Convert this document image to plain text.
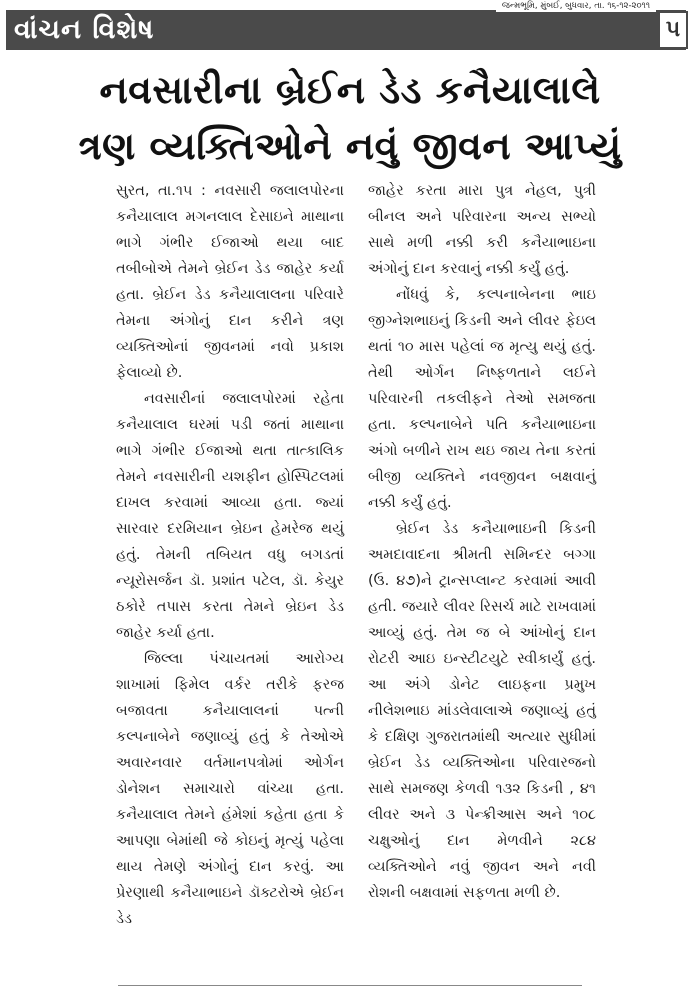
વાંચન વિશેષ
જન્મભૂમિ, મુંબઈ, બુધવાર, તા. ૧૬-૧૨-૨૦૧૧
૫
નવસારીના બ્રેઈન ડેડ કનૈયાલાલે
ત્રણ વ્યક્તિઓને નવું જીવન આપ્યું

સુરત, તા.૧૫ : નવસારી જલાલપોરના કનૈયાલાલ મગનલાલ દેસાઇને માથાના ભાગે ગંભીર ઈજાઓ થયા બાદ તબીબોએ તેમને બ્રેઈન ડેડ જાહેર કર્યા હતા. બ્રેઈન ડેડ કનૈયાલાલના પરિવારે તેમના અંગોનું દાન કરીને ત્રણ વ્યક્તિઓનાં જીવનમાં નવો પ્રકાશ ફેલાવ્યો છે.

નવસારીનાં જલાલપોરમાં રહેતા કનૈયાલાલ ઘરમાં પડી જતાં માથાના ભાગે ગંભીર ઈજાઓ થતા તાત્કાલિક તેમને નવસારીની યશફીન હોસ્પિટલમાં દાખલ કરવામાં આવ્યા હતા. જ્યાં સારવાર દરમિયાન બ્રેઇન હેમરેજ થયું હતું. તેમની તબિયત વધુ બગડતાં ન્યૂરોસર્જન ડૉ. પ્રશાંત પટેલ, ડૉ. કેયુર ઠકોરે તપાસ કરતા તેમને બ્રેઇન ડેડ જાહેર કર્યા હતા.

જિલ્લા પંચાયતમાં આરોગ્ય શાખામાં ફિમેલ વર્કર તરીકે ફરજ બજાવતા કનૈયાલાલનાં પત્ની કલ્પનાબેને જણાવ્યું હતું કે તેઓએ અવારનવાર વર્તમાનપત્રોમાં ઓર્ગન ડોનેશન સમાચારો વાંચ્યા હતા. કનૈયાલાલ તેમને હંમેશાં કહેતા હતા કે આપણા બેમાંથી જે કોઇનું મૃત્યું પહેલા થાય તેમણે અંગોનું દાન કરવું. આ પ્રેરણાથી કનૈયાભાઇને ડૉક્ટરોએ બ્રેઈન ડેડ

જાહેર કરતા મારા પુત્ર નેહલ, પુત્રી બીનલ અને પરિવારના અન્ય સભ્યો સાથે મળી નક્કી કરી કનૈયાભાઇના અંગોનું દાન કરવાનું નક્કી કર્યું હતું.

નોંધવું કે, કલ્પનાબેનના ભાઇ જીગ્નેશભાઇનું કિડની અને લીવર ફેઇલ થતાં ૧૦ માસ પહેલાં જ મૃત્યુ થયું હતું. તેથી ઓર્ગન નિષ્ફળતાને લઈને પરિવારની તકલીફને તેઓ સમજતા હતા. કલ્પનાબેને પતિ કનૈયાભાઇના અંગો બળીને રાખ થઇ જાય તેના કરતાં બીજી વ્યક્તિને નવજીવન બક્ષવાનું નક્કી કર્યું હતું.

બ્રેઈન ડેડ કનૈયાભાઇની કિડની અમદાવાદના શ્રીમતી સમિન્દર બગ્ગા (ઉ. ૪૭)ને ટ્રાન્સપ્લાન્ટ કરવામાં આવી હતી. જયારે લીવર રિસર્ચ માટે રાખવામાં આવ્યું હતું. તેમ જ બે આંખોનું દાન રોટરી આઇ ઇન્સ્ટીટયુટે સ્વીકાર્યું હતું. આ અંગે ડોનેટ લાઇફના પ્રમુખ નીલેશભાઇ માંડલેવાલાએ જણાવ્યું હતું કે દક્ષિણ ગુજરાતમાંથી અત્યાર સુધીમાં બ્રેઈન ડેડ વ્યક્તિઓના પરિવારજનો સાથે સમજણ કેળવી ૧૩૨ કિડની , ૪૧ લીવર અને ૩ પેન્ક્રીઆસ અને ૧૦૮ ચક્ષુઓનું દાન મેળવીને ૨૮૪ વ્યક્તિઓને નવું જીવન અને નવી રોશની બક્ષવામાં સફળતા મળી છે.
